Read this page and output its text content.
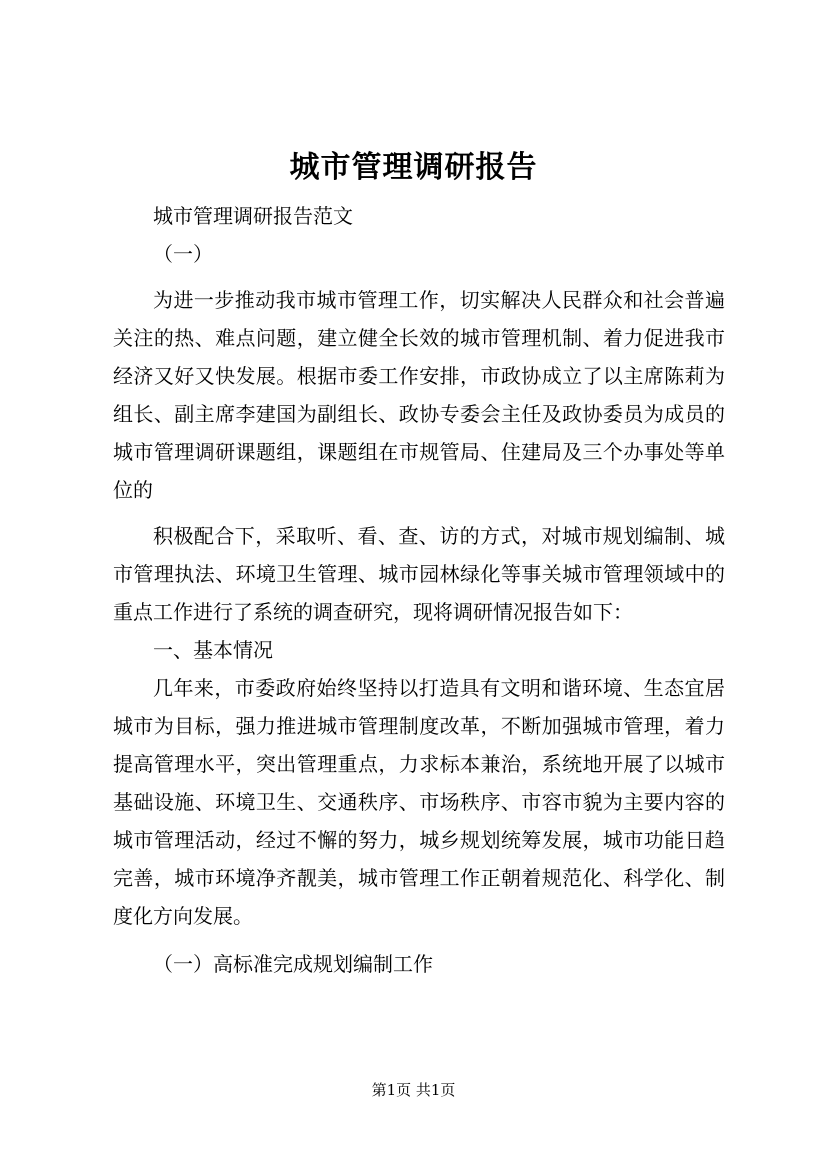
城市管理调研报告

城市管理调研报告范文

（一）

为进一步推动我市城市管理工作，切实解决人民群众和社会普遍关注的热、难点问题，建立健全长效的城市管理机制、着力促进我市经济又好又快发展。根据市委工作安排，市政协成立了以主席陈莉为组长、副主席李建国为副组长、政协专委会主任及政协委员为成员的城市管理调研课题组，课题组在市规管局、住建局及三个办事处等单位的

积极配合下，采取听、看、查、访的方式，对城市规划编制、城市管理执法、环境卫生管理、城市园林绿化等事关城市管理领域中的重点工作进行了系统的调查研究，现将调研情况报告如下：

一、基本情况

几年来，市委政府始终坚持以打造具有文明和谐环境、生态宜居城市为目标，强力推进城市管理制度改革，不断加强城市管理，着力提高管理水平，突出管理重点，力求标本兼治，系统地开展了以城市基础设施、环境卫生、交通秩序、市场秩序、市容市貌为主要内容的城市管理活动，经过不懈的努力，城乡规划统筹发展，城市功能日趋完善，城市环境净齐靓美，城市管理工作正朝着规范化、科学化、制度化方向发展。

（一）高标准完成规划编制工作

第1页 共1页
